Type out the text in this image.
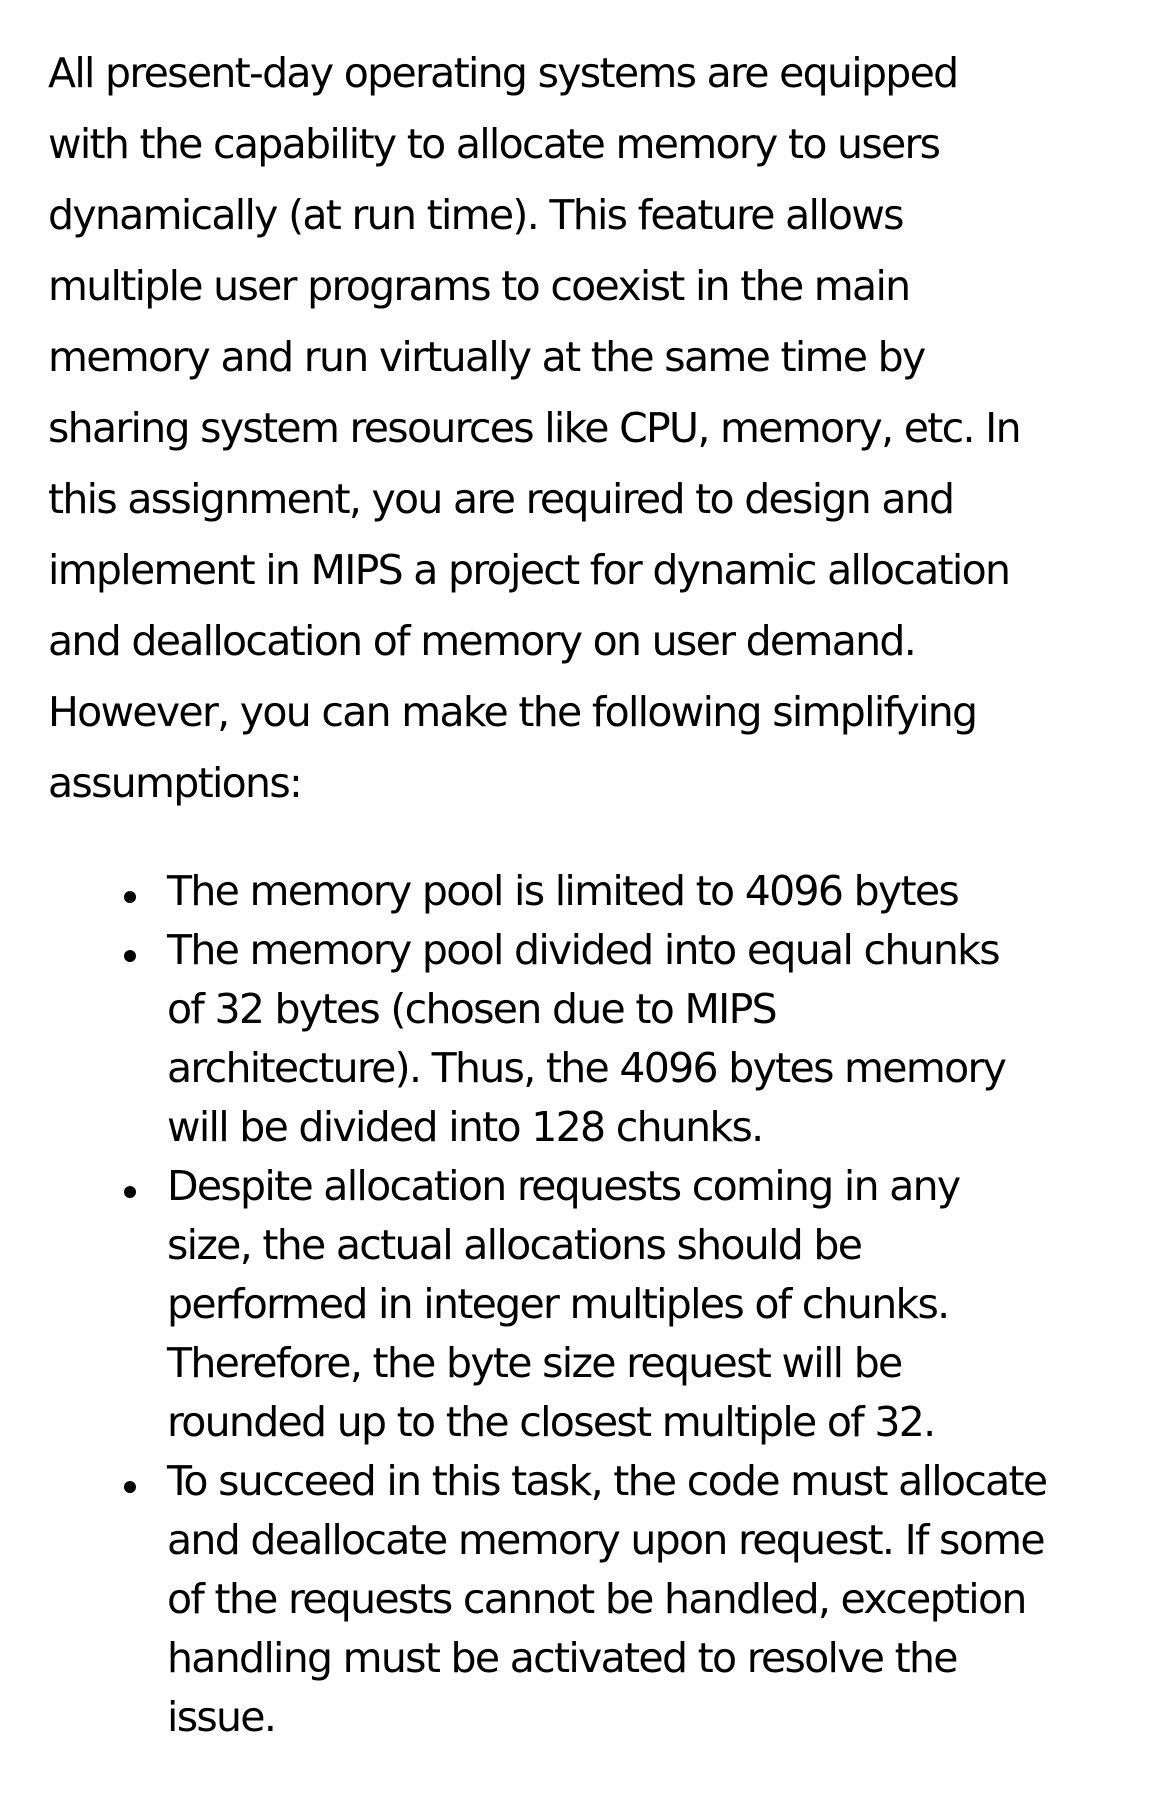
All present-day operating systems are equipped
with the capability to allocate memory to users
dynamically (at run time). This feature allows
multiple user programs to coexist in the main
memory and run virtually at the same time by
sharing system resources like CPU, memory, etc. In
this assignment, you are required to design and
implement in MIPS a project for dynamic allocation
and deallocation of memory on user demand.
However, you can make the following simplifying
assumptions:

The memory pool is limited to 4096 bytes
The memory pool divided into equal chunks
of 32 bytes (chosen due to MIPS
architecture). Thus, the 4096 bytes memory
will be divided into 128 chunks.
Despite allocation requests coming in any
size, the actual allocations should be
performed in integer multiples of chunks.
Therefore, the byte size request will be
rounded up to the closest multiple of 32.
To succeed in this task, the code must allocate
and deallocate memory upon request. If some
of the requests cannot be handled, exception
handling must be activated to resolve the
issue.
